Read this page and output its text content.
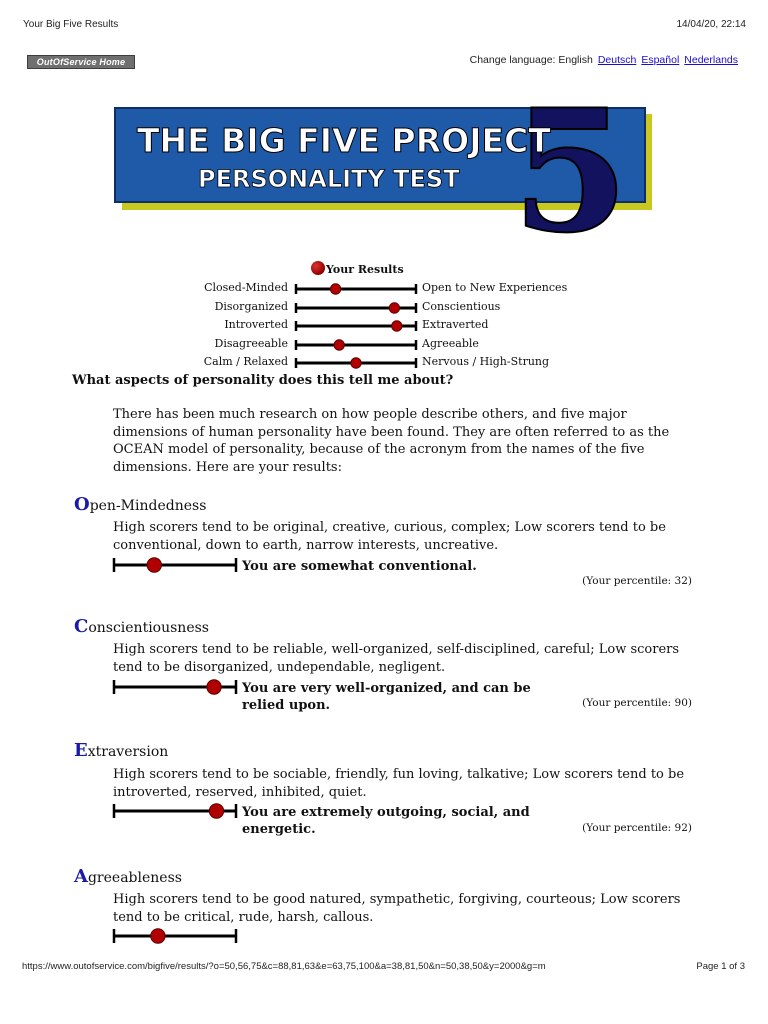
Your Big Five Results	14/04/20, 22:14
OutOfService Home	Change language: English Deutsch Español Nederlands
5
THE BIG FIVE PROJECT
PERSONALITY TEST
Your Results
Closed-Minded	Open to New Experiences
Disorganized	Conscientious
Introverted	Extraverted
Disagreeable	Agreeable
Calm / Relaxed	Nervous / High-Strung
What aspects of personality does this tell me about?
There has been much research on how people describe others, and five major dimensions of human personality have been found. They are often referred to as the OCEAN model of personality, because of the acronym from the names of the five dimensions. Here are your results:
Open-Mindedness
High scorers tend to be original, creative, curious, complex; Low scorers tend to be conventional, down to earth, narrow interests, uncreative.
You are somewhat conventional.
(Your percentile: 32)
Conscientiousness
High scorers tend to be reliable, well-organized, self-disciplined, careful; Low scorers tend to be disorganized, undependable, negligent.
You are very well-organized, and can be relied upon.	(Your percentile: 90)
Extraversion
High scorers tend to be sociable, friendly, fun loving, talkative; Low scorers tend to be introverted, reserved, inhibited, quiet.
You are extremely outgoing, social, and energetic.	(Your percentile: 92)
Agreeableness
High scorers tend to be good natured, sympathetic, forgiving, courteous; Low scorers tend to be critical, rude, harsh, callous.
https://www.outofservice.com/bigfive/results/?o=50,56,75&c=88,81,63&e=63,75,100&a=38,81,50&n=50,38,50&y=2000&g=m	Page 1 of 3
